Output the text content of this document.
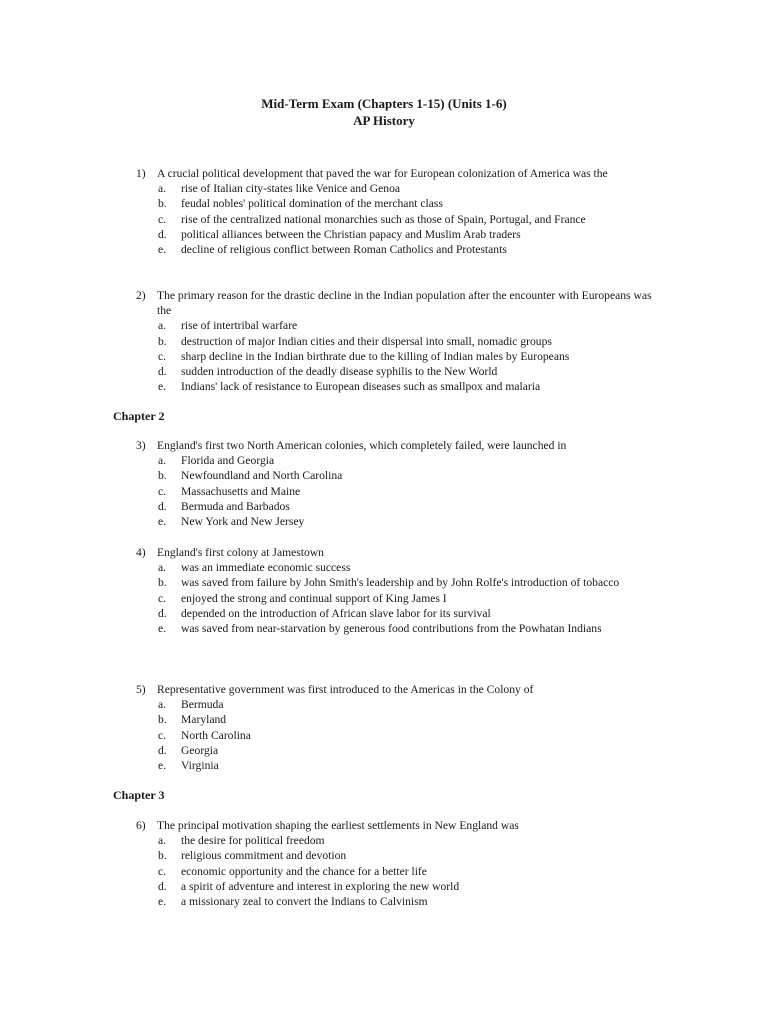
Mid-Term Exam (Chapters 1-15) (Units 1-6)
AP History
1) A crucial political development that paved the war for European colonization of America was the
a. rise of Italian city-states like Venice and Genoa
b. feudal nobles' political domination of the merchant class
c. rise of the centralized national monarchies such as those of Spain, Portugal, and France
d. political alliances between the Christian papacy and Muslim Arab traders
e. decline of religious conflict between Roman Catholics and Protestants
2) The primary reason for the drastic decline in the Indian population after the encounter with Europeans was the
a. rise of intertribal warfare
b. destruction of major Indian cities and their dispersal into small, nomadic groups
c. sharp decline in the Indian birthrate due to the killing of Indian males by Europeans
d. sudden introduction of the deadly disease syphilis to the New World
e. Indians' lack of resistance to European diseases such as smallpox and malaria
Chapter 2
3) England's first two North American colonies, which completely failed, were launched in
a. Florida and Georgia
b. Newfoundland and North Carolina
c. Massachusetts and Maine
d. Bermuda and Barbados
e. New York and New Jersey
4) England's first colony at Jamestown
a. was an immediate economic success
b. was saved from failure by John Smith's leadership and by John Rolfe's introduction of tobacco
c. enjoyed the strong and continual support of King James I
d. depended on the introduction of African slave labor for its survival
e. was saved from near-starvation by generous food contributions from the Powhatan Indians
5) Representative government was first introduced to the Americas in the Colony of
a. Bermuda
b. Maryland
c. North Carolina
d. Georgia
e. Virginia
Chapter 3
6) The principal motivation shaping the earliest settlements in New England was
a. the desire for political freedom
b. religious commitment and devotion
c. economic opportunity and the chance for a better life
d. a spirit of adventure and interest in exploring the new world
e. a missionary zeal to convert the Indians to Calvinism
